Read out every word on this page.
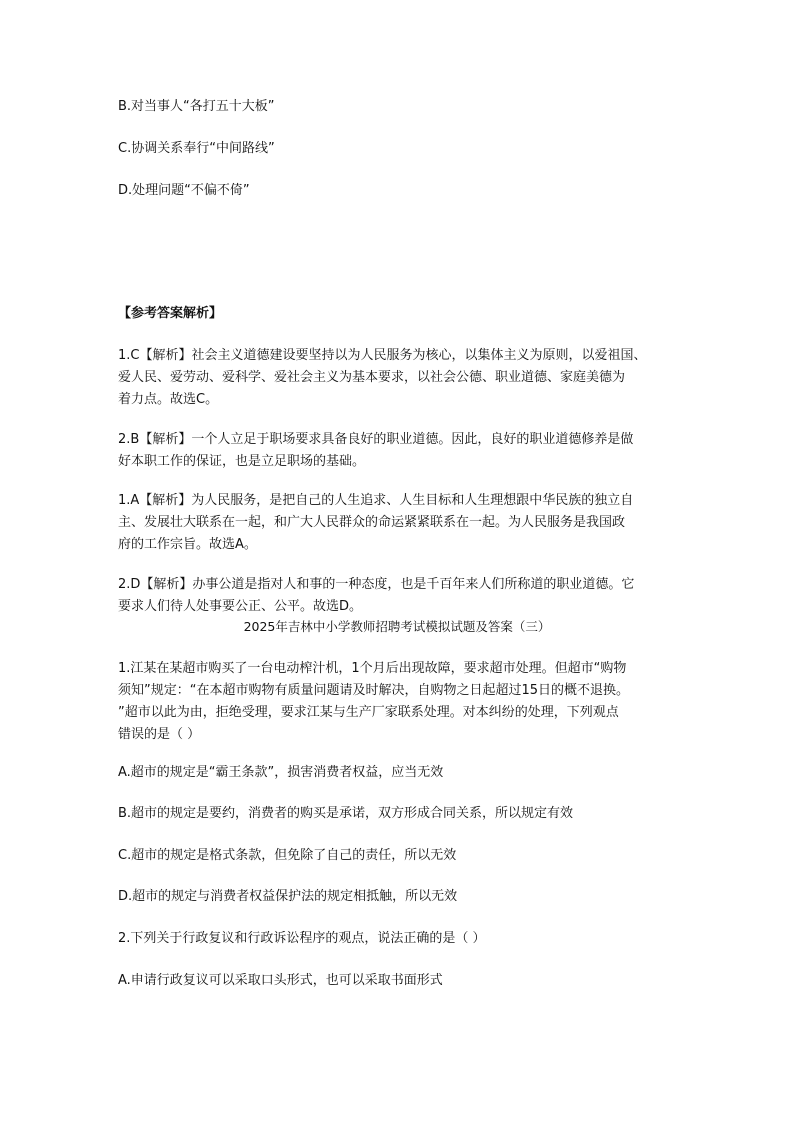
B.对当事人“各打五十大板”
C.协调关系奉行“中间路线”
D.处理问题“不偏不倚”
【参考答案解析】
1.C【解析】社会主义道德建设要坚持以为人民服务为核心，以集体主义为原则，以爱祖国、
爱人民、爱劳动、爱科学、爱社会主义为基本要求，以社会公德、职业道德、家庭美德为
着力点。故选C。
2.B【解析】一个人立足于职场要求具备良好的职业道德。因此，良好的职业道德修养是做
好本职工作的保证，也是立足职场的基础。
1.A【解析】为人民服务，是把自己的人生追求、人生目标和人生理想跟中华民族的独立自
主、发展壮大联系在一起，和广大人民群众的命运紧紧联系在一起。为人民服务是我国政
府的工作宗旨。故选A。
2.D【解析】办事公道是指对人和事的一种态度，也是千百年来人们所称道的职业道德。它
要求人们待人处事要公正、公平。故选D。
2025年吉林中小学教师招聘考试模拟试题及答案（三）
1.江某在某超市购买了一台电动榨汁机，1个月后出现故障，要求超市处理。但超市“购物
须知”规定：“在本超市购物有质量问题请及时解决，自购物之日起超过15日的概不退换。
”超市以此为由，拒绝受理，要求江某与生产厂家联系处理。对本纠纷的处理，下列观点
错误的是（ ）
A.超市的规定是“霸王条款”，损害消费者权益，应当无效
B.超市的规定是要约，消费者的购买是承诺，双方形成合同关系，所以规定有效
C.超市的规定是格式条款，但免除了自己的责任，所以无效
D.超市的规定与消费者权益保护法的规定相抵触，所以无效
2.下列关于行政复议和行政诉讼程序的观点，说法正确的是（ ）
A.申请行政复议可以采取口头形式，也可以采取书面形式
